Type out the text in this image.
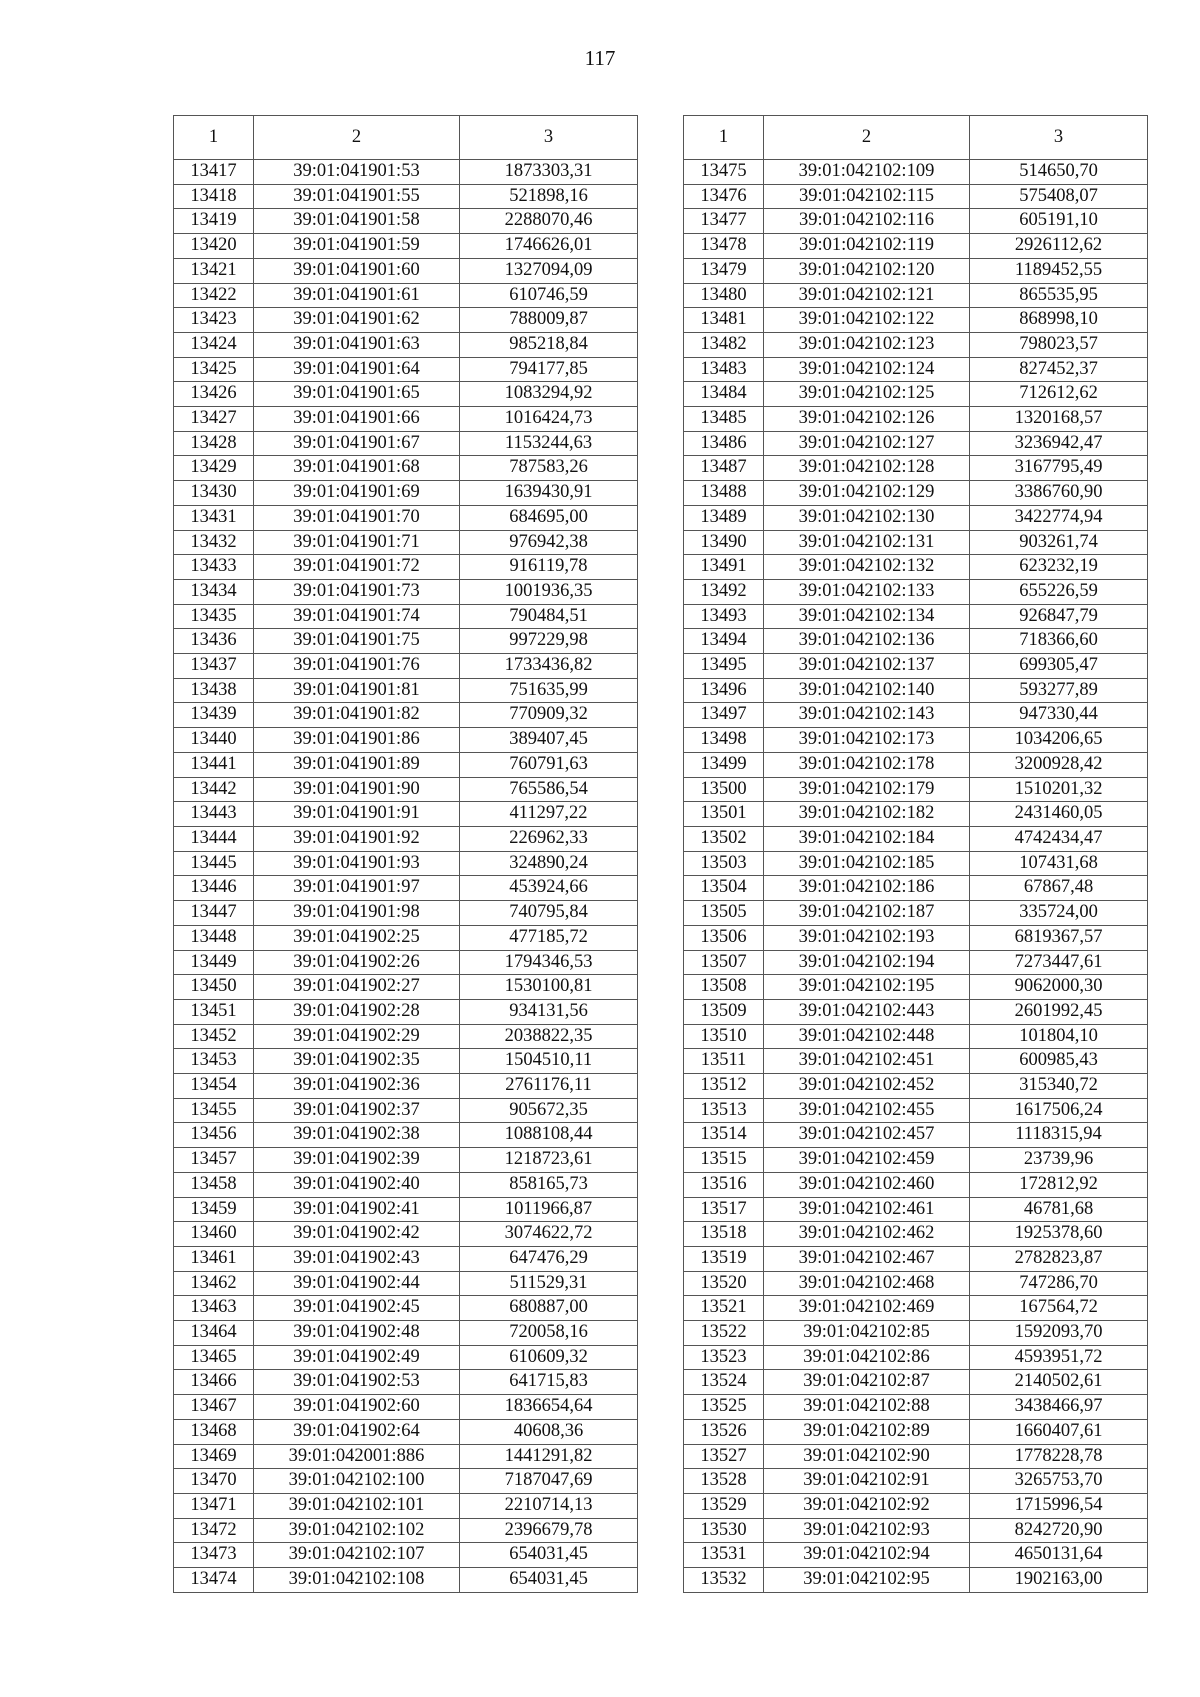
117
1	2	3
13417	39:01:041901:53	1873303,31
13418	39:01:041901:55	521898,16
13419	39:01:041901:58	2288070,46
13420	39:01:041901:59	1746626,01
13421	39:01:041901:60	1327094,09
13422	39:01:041901:61	610746,59
13423	39:01:041901:62	788009,87
13424	39:01:041901:63	985218,84
13425	39:01:041901:64	794177,85
13426	39:01:041901:65	1083294,92
13427	39:01:041901:66	1016424,73
13428	39:01:041901:67	1153244,63
13429	39:01:041901:68	787583,26
13430	39:01:041901:69	1639430,91
13431	39:01:041901:70	684695,00
13432	39:01:041901:71	976942,38
13433	39:01:041901:72	916119,78
13434	39:01:041901:73	1001936,35
13435	39:01:041901:74	790484,51
13436	39:01:041901:75	997229,98
13437	39:01:041901:76	1733436,82
13438	39:01:041901:81	751635,99
13439	39:01:041901:82	770909,32
13440	39:01:041901:86	389407,45
13441	39:01:041901:89	760791,63
13442	39:01:041901:90	765586,54
13443	39:01:041901:91	411297,22
13444	39:01:041901:92	226962,33
13445	39:01:041901:93	324890,24
13446	39:01:041901:97	453924,66
13447	39:01:041901:98	740795,84
13448	39:01:041902:25	477185,72
13449	39:01:041902:26	1794346,53
13450	39:01:041902:27	1530100,81
13451	39:01:041902:28	934131,56
13452	39:01:041902:29	2038822,35
13453	39:01:041902:35	1504510,11
13454	39:01:041902:36	2761176,11
13455	39:01:041902:37	905672,35
13456	39:01:041902:38	1088108,44
13457	39:01:041902:39	1218723,61
13458	39:01:041902:40	858165,73
13459	39:01:041902:41	1011966,87
13460	39:01:041902:42	3074622,72
13461	39:01:041902:43	647476,29
13462	39:01:041902:44	511529,31
13463	39:01:041902:45	680887,00
13464	39:01:041902:48	720058,16
13465	39:01:041902:49	610609,32
13466	39:01:041902:53	641715,83
13467	39:01:041902:60	1836654,64
13468	39:01:041902:64	40608,36
13469	39:01:042001:886	1441291,82
13470	39:01:042102:100	7187047,69
13471	39:01:042102:101	2210714,13
13472	39:01:042102:102	2396679,78
13473	39:01:042102:107	654031,45
13474	39:01:042102:108	654031,45
1	2	3
13475	39:01:042102:109	514650,70
13476	39:01:042102:115	575408,07
13477	39:01:042102:116	605191,10
13478	39:01:042102:119	2926112,62
13479	39:01:042102:120	1189452,55
13480	39:01:042102:121	865535,95
13481	39:01:042102:122	868998,10
13482	39:01:042102:123	798023,57
13483	39:01:042102:124	827452,37
13484	39:01:042102:125	712612,62
13485	39:01:042102:126	1320168,57
13486	39:01:042102:127	3236942,47
13487	39:01:042102:128	3167795,49
13488	39:01:042102:129	3386760,90
13489	39:01:042102:130	3422774,94
13490	39:01:042102:131	903261,74
13491	39:01:042102:132	623232,19
13492	39:01:042102:133	655226,59
13493	39:01:042102:134	926847,79
13494	39:01:042102:136	718366,60
13495	39:01:042102:137	699305,47
13496	39:01:042102:140	593277,89
13497	39:01:042102:143	947330,44
13498	39:01:042102:173	1034206,65
13499	39:01:042102:178	3200928,42
13500	39:01:042102:179	1510201,32
13501	39:01:042102:182	2431460,05
13502	39:01:042102:184	4742434,47
13503	39:01:042102:185	107431,68
13504	39:01:042102:186	67867,48
13505	39:01:042102:187	335724,00
13506	39:01:042102:193	6819367,57
13507	39:01:042102:194	7273447,61
13508	39:01:042102:195	9062000,30
13509	39:01:042102:443	2601992,45
13510	39:01:042102:448	101804,10
13511	39:01:042102:451	600985,43
13512	39:01:042102:452	315340,72
13513	39:01:042102:455	1617506,24
13514	39:01:042102:457	1118315,94
13515	39:01:042102:459	23739,96
13516	39:01:042102:460	172812,92
13517	39:01:042102:461	46781,68
13518	39:01:042102:462	1925378,60
13519	39:01:042102:467	2782823,87
13520	39:01:042102:468	747286,70
13521	39:01:042102:469	167564,72
13522	39:01:042102:85	1592093,70
13523	39:01:042102:86	4593951,72
13524	39:01:042102:87	2140502,61
13525	39:01:042102:88	3438466,97
13526	39:01:042102:89	1660407,61
13527	39:01:042102:90	1778228,78
13528	39:01:042102:91	3265753,70
13529	39:01:042102:92	1715996,54
13530	39:01:042102:93	8242720,90
13531	39:01:042102:94	4650131,64
13532	39:01:042102:95	1902163,00
